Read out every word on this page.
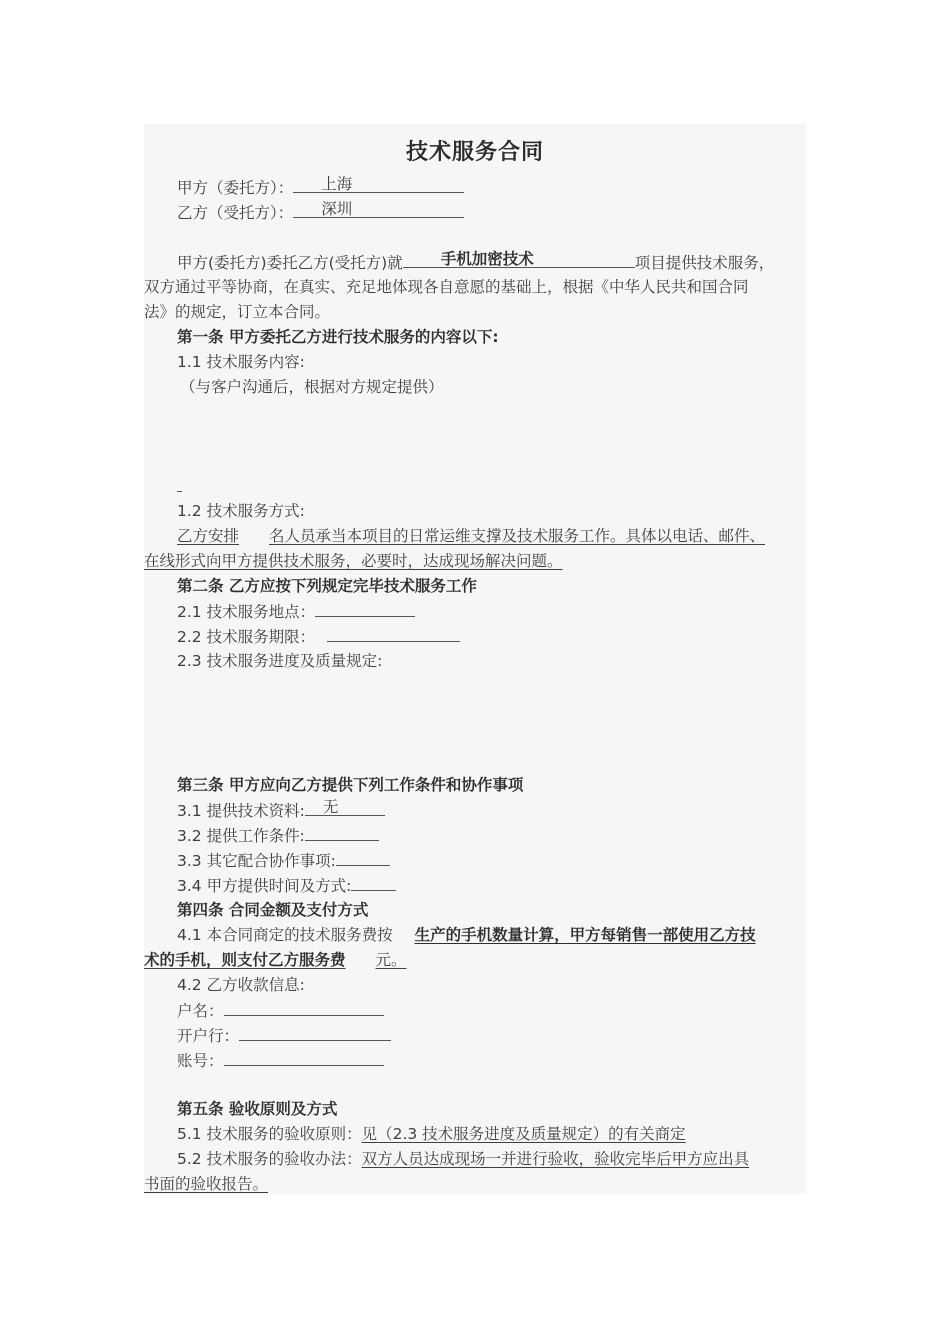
技术服务合同
甲方（委托方）： 上海
乙方（受托方）： 深圳
甲方(委托方)委托乙方(受托方)就 手机加密技术	项目提供技术服务，
双方通过平等协商，在真实、充足地体现各自意愿的基础上，根据《中华人民共和国合同
法》的规定，订立本合同。
第一条 甲方委托乙方进行技术服务的内容以下:
1.1 技术服务内容:
（与客户沟通后，根据对方规定提供）
1.2 技术服务方式:
乙方安排 名人员承当本项目的日常运维支撑及技术服务工作。具体以电话、邮件、
在线形式向甲方提供技术服务，必要时，达成现场解决问题。
第二条 乙方应按下列规定完毕技术服务工作
2.1 技术服务地点：
2.2 技术服务期限：
2.3 技术服务进度及质量规定:
第三条 甲方应向乙方提供下列工作条件和协作事项
3.1 提供技术资料: 无
3.2 提供工作条件:
3.3 其它配合协作事项:
3.4 甲方提供时间及方式:
第四条 合同金额及支付方式
4.1 本合同商定的技术服务费按 生产的手机数量计算，甲方每销售一部使用乙方技
术的手机，则支付乙方服务费 元。
4.2 乙方收款信息:
户名：
开户行：
账号：
第五条 验收原则及方式
5.1 技术服务的验收原则：见（2.3 技术服务进度及质量规定）的有关商定
5.2 技术服务的验收办法：双方人员达成现场一并进行验收，验收完毕后甲方应出具
书面的验收报告。
